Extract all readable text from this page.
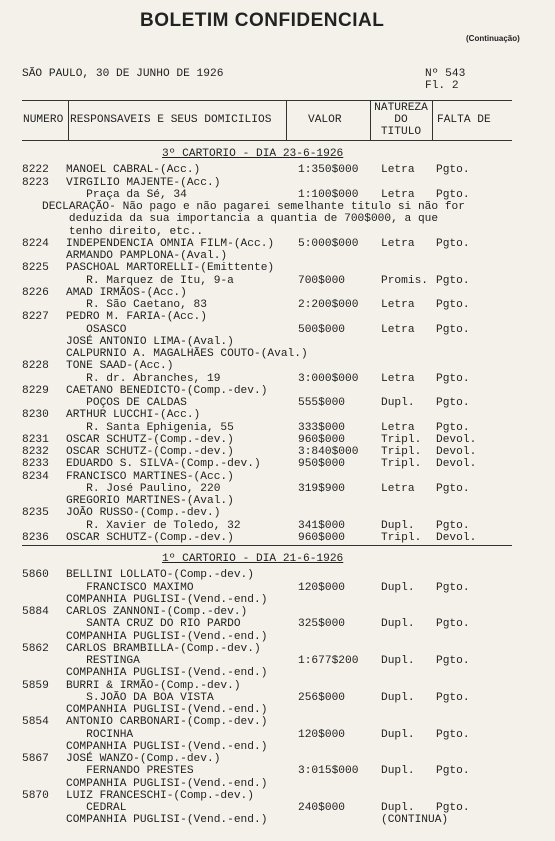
BOLETIM CONFIDENCIAL
(Continuação)
SÃO PAULO, 30 DE JUNHO DE 1926	Nº 543
Fl. 2
NUMERO RESPONSAVEIS E SEUS DOMICILIOS	VALOR
NATUREZA
DO
TITULO
FALTA DE
3º CARTORIO - DIA 23-6-1926
8222 MANOEL CABRAL-(Acc.)	1:350$000 Letra Pgto.
8223 VIRGILIO MAJENTE-(Acc.)
Praça da Sé, 34	1:100$000 Letra Pgto.
DECLARAÇÃO- Não pago e não pagarei semelhante titulo si não for
deduzida da sua importancia a quantia de 700$000, a que
tenho direito, etc..
8224 INDEPENDENCIA OMNIA FILM-(Acc.) 5:000$000 Letra Pgto.
ARMANDO PAMPLONA-(Aval.)
8225 PASCHOAL MARTORELLI-(Emittente)
R. Marquez de Itu, 9-a	700$000	Promis. Pgto.
8226 AMAD IRMÃOS-(Acc.)
R. São Caetano, 83	2:200$000 Letra Pgto.
8227 PEDRO M. FARIA-(Acc.)
OSASCO	500$000	Letra Pgto.
JOSÉ ANTONIO LIMA-(Aval.)
CALPURNIO A. MAGALHÃES COUTO-(Aval.)
8228 TONE SAAD-(Acc.)
R. dr. Abranches, 19	3:000$000 Letra Pgto.
8229 CAETANO BENEDICTO-(Comp.-dev.)
POÇOS DE CALDAS	555$000	Dupl. Pgto.
8230 ARTHUR LUCCHI-(Acc.)
R. Santa Ephigenia, 55	333$000	Letra Pgto.
8231 OSCAR SCHUTZ-(Comp.-dev.)	960$000	Tripl. Devol.
8232 OSCAR SCHUTZ-(Comp.-dev.)	3:840$000 Tripl. Devol.
8233 EDUARDO S. SILVA-(Comp.-dev.)	950$000	Tripl. Devol.
8234 FRANCISCO MARTINES-(Acc.)
R. José Paulino, 220	319$900	Letra Pgto.
GREGORIO MARTINES-(Aval.)
8235 JOÃO RUSSO-(Comp.-dev.)
R. Xavier de Toledo, 32	341$000	Dupl. Pgto.
8236 OSCAR SCHUTZ-(Comp.-dev.)	960$000	Tripl. Devol.
1º CARTORIO - DIA 21-6-1926
5860 BELLINI LOLLATO-(Comp.-dev.)
FRANCISCO MAXIMO	120$000	Dupl. Pgto.
COMPANHIA PUGLISI-(Vend.-end.)
5884 CARLOS ZANNONI-(Comp.-dev.)
SANTA CRUZ DO RIO PARDO	325$000	Dupl. Pgto.
COMPANHIA PUGLISI-(Vend.-end.)
5862 CARLOS BRAMBILLA-(Comp.-dev.)
RESTINGA	1:677$200 Dupl. Pgto.
COMPANHIA PUGLISI-(Vend.-end.)
5859 BURRI & IRMÃO-(Comp.-dev.)
S.JOÃO DA BOA VISTA	256$000	Dupl. Pgto.
COMPANHIA PUGLISI-(Vend.-end.)
5854 ANTONIO CARBONARI-(Comp.-dev.)
ROCINHA	120$000	Dupl. Pgto.
COMPANHIA PUGLISI-(Vend.-end.)
5867 JOSÉ WANZO-(Comp.-dev.)
FERNANDO PRESTES	3:015$000 Dupl. Pgto.
COMPANHIA PUGLISI-(Vend.-end.)
5870 LUIZ FRANCESCHI-(Comp.-dev.)
CEDRAL	240$000	Dupl. Pgto.
COMPANHIA PUGLISI-(Vend.-end.)	(CONTINUA)
